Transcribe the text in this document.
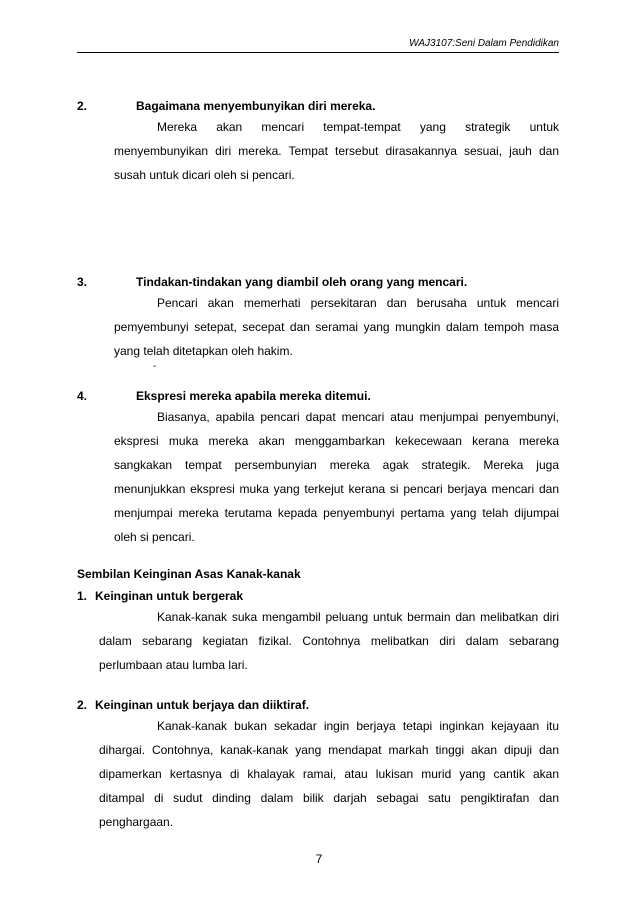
WAJ3107:Seni Dalam Pendidikan
2.	Bagaimana menyembunyikan diri mereka.
Mereka akan mencari tempat-tempat yang strategik untuk menyembunyikan diri mereka. Tempat tersebut dirasakannya sesuai, jauh dan susah untuk dicari oleh si pencari.
3.	Tindakan-tindakan yang diambil oleh orang yang mencari.
Pencari akan memerhati persekitaran dan berusaha untuk mencari pemyembunyi setepat, secepat dan seramai yang mungkin dalam tempoh masa yang telah ditetapkan oleh hakim.
-
4.	Ekspresi mereka apabila mereka ditemui.
Biasanya, apabila pencari dapat mencari atau menjumpai penyembunyi, ekspresi muka mereka akan menggambarkan kekecewaan kerana mereka sangkakan tempat persembunyian mereka agak strategik. Mereka juga menunjukkan ekspresi muka yang terkejut kerana si pencari berjaya mencari dan menjumpai mereka terutama kepada penyembunyi pertama yang telah dijumpai oleh si pencari.
Sembilan Keinginan Asas Kanak-kanak
1. Keinginan untuk bergerak
Kanak-kanak suka mengambil peluang untuk bermain dan melibatkan diri dalam sebarang kegiatan fizikal. Contohnya melibatkan diri dalam sebarang perlumbaan atau lumba lari.
2. Keinginan untuk berjaya dan diiktiraf.
Kanak-kanak bukan sekadar ingin berjaya tetapi inginkan kejayaan itu dihargai. Contohnya, kanak-kanak yang mendapat markah tinggi akan dipuji dan dipamerkan kertasnya di khalayak ramai, atau lukisan murid yang cantik akan ditampal di sudut dinding dalam bilik darjah sebagai satu pengiktirafan dan penghargaan.
7
